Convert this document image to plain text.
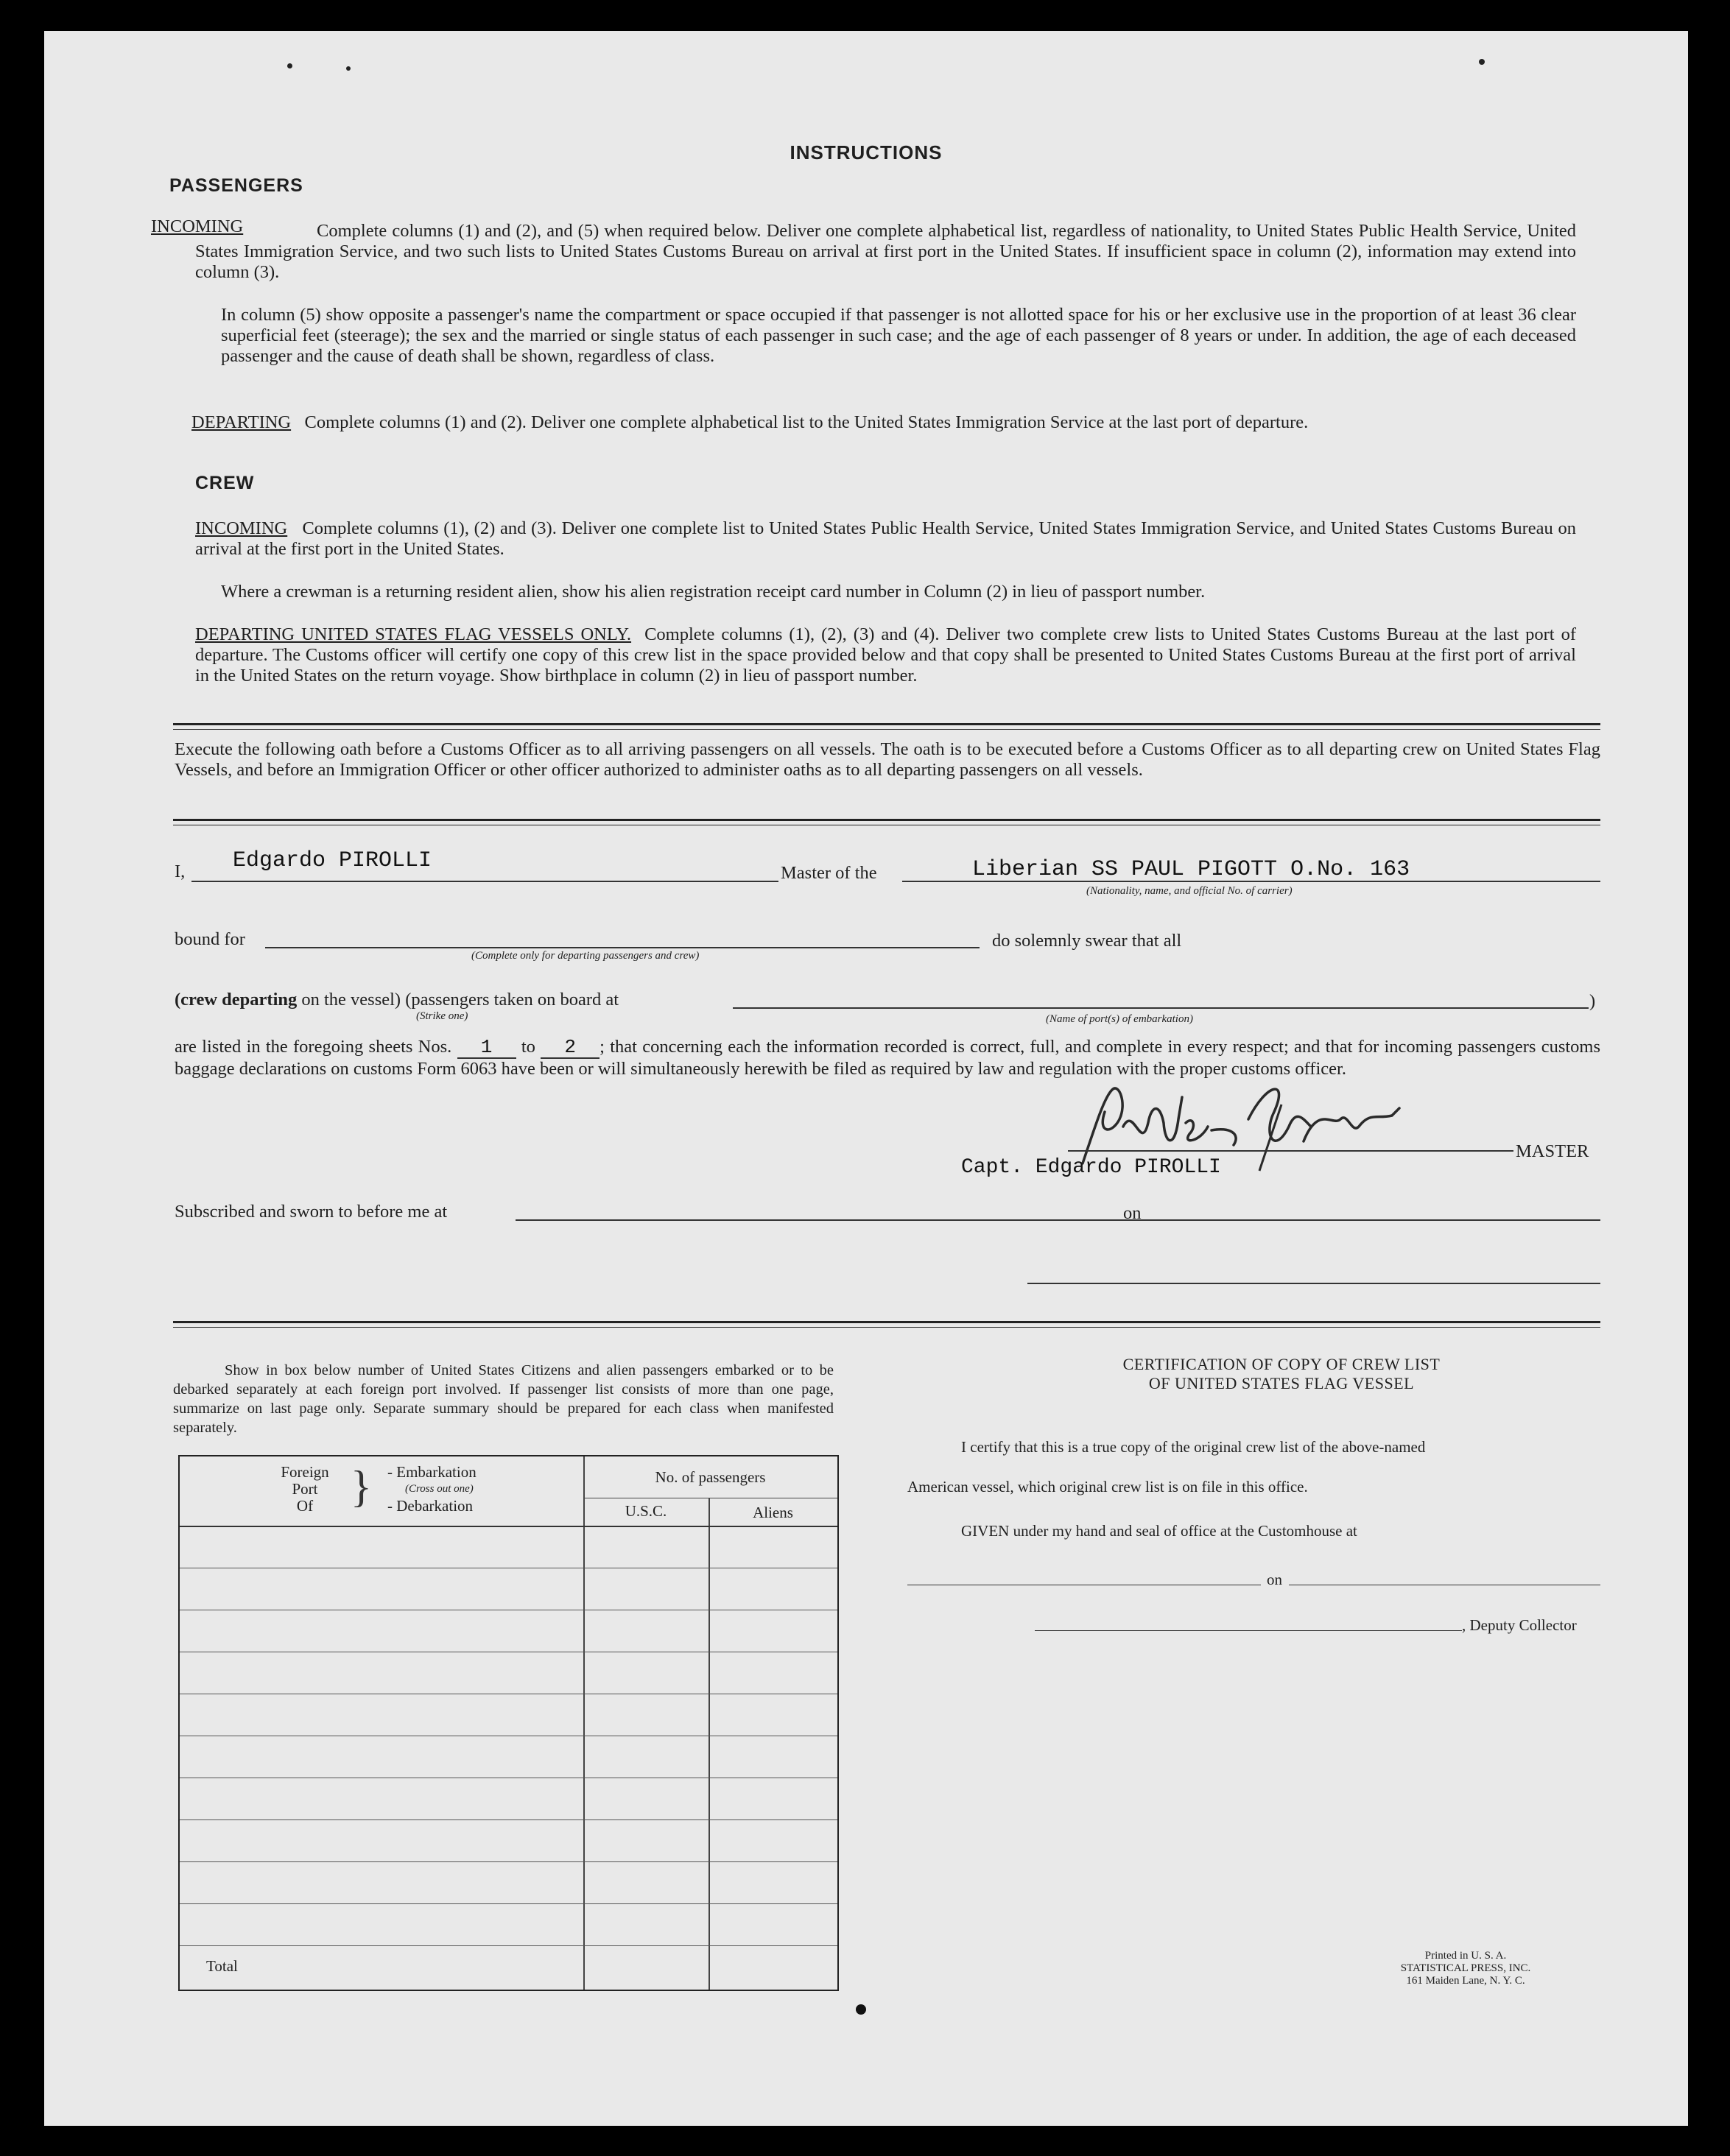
INSTRUCTIONS
PASSENGERS
INCOMING	Complete columns (1) and (2), and (5) when required below. Deliver one complete alphabetical list, regardless of nationality, to United States Public Health Service, United States Immigration Service, and two such lists to United States Customs Bureau on arrival at first port in the United States. If insufficient space in column (2), information may extend into column (3).
In column (5) show opposite a passenger's name the compartment or space occupied if that passenger is not allotted space for his or her exclusive use in the proportion of at least 36 clear superficial feet (steerage); the sex and the married or single status of each passenger in such case; and the age of each passenger of 8 years or under. In addition, the age of each deceased passenger and the cause of death shall be shown, regardless of class.
DEPARTING Complete columns (1) and (2). Deliver one complete alphabetical list to the United States Immigration Service at the last port of departure.
CREW
INCOMING Complete columns (1), (2) and (3). Deliver one complete list to United States Public Health Service, United States Immigration Service, and United States Customs Bureau on arrival at the first port in the United States.
Where a crewman is a returning resident alien, show his alien registration receipt card number in Column (2) in lieu of passport number.
DEPARTING UNITED STATES FLAG VESSELS ONLY. Complete columns (1), (2), (3) and (4). Deliver two complete crew lists to United States Customs Bureau at the last port of departure. The Customs officer will certify one copy of this crew list in the space provided below and that copy shall be presented to United States Customs Bureau at the first port of arrival in the United States on the return voyage. Show birthplace in column (2) in lieu of passport number.
Execute the following oath before a Customs Officer as to all arriving passengers on all vessels. The oath is to be executed before a Customs Officer as to all departing crew on United States Flag Vessels, and before an Immigration Officer or other officer authorized to administer oaths as to all departing passengers on all vessels.
I, Edgardo PIROLLI	Master of the	Liberian SS PAUL PIGOTT O.No. 163
(Nationality, name, and official No. of carrier)
bound for
(Complete only for departing passengers and crew)
do solemnly swear that all
(crew departing on the vessel) (passengers taken on board at
(Strike one)
)
(Name of port(s) of embarkation)
are listed in the foregoing sheets Nos. 1 to 2 ; that concerning each the information recorded is correct, full, and complete in every respect; and that for incoming passengers customs baggage declarations on customs Form 6063 have been or will simultaneously herewith be filed as required by law and regulation with the proper customs officer.
MASTER
Capt. Edgardo PIROLLI
Subscribed and sworn to before me at	on
Show in box below number of United States Citizens and alien passengers embarked or to be debarked separately at each foreign port involved. If passenger list consists of more than one page, summarize on last page only. Separate summary should be prepared for each class when manifested separately.
Foreign
Port
Of } - Embarkation
(Cross out one)
- Debarkation
No. of passengers
U.S.C.	Aliens
Total
CERTIFICATION OF COPY OF CREW LIST
OF UNITED STATES FLAG VESSEL
I certify that this is a true copy of the original crew list of the above-named
American vessel, which original crew list is on file in this office.
GIVEN under my hand and seal of office at the Customhouse at
on
, Deputy Collector
Printed in U. S. A.
STATISTICAL PRESS, INC.
161 Maiden Lane, N. Y. C.
